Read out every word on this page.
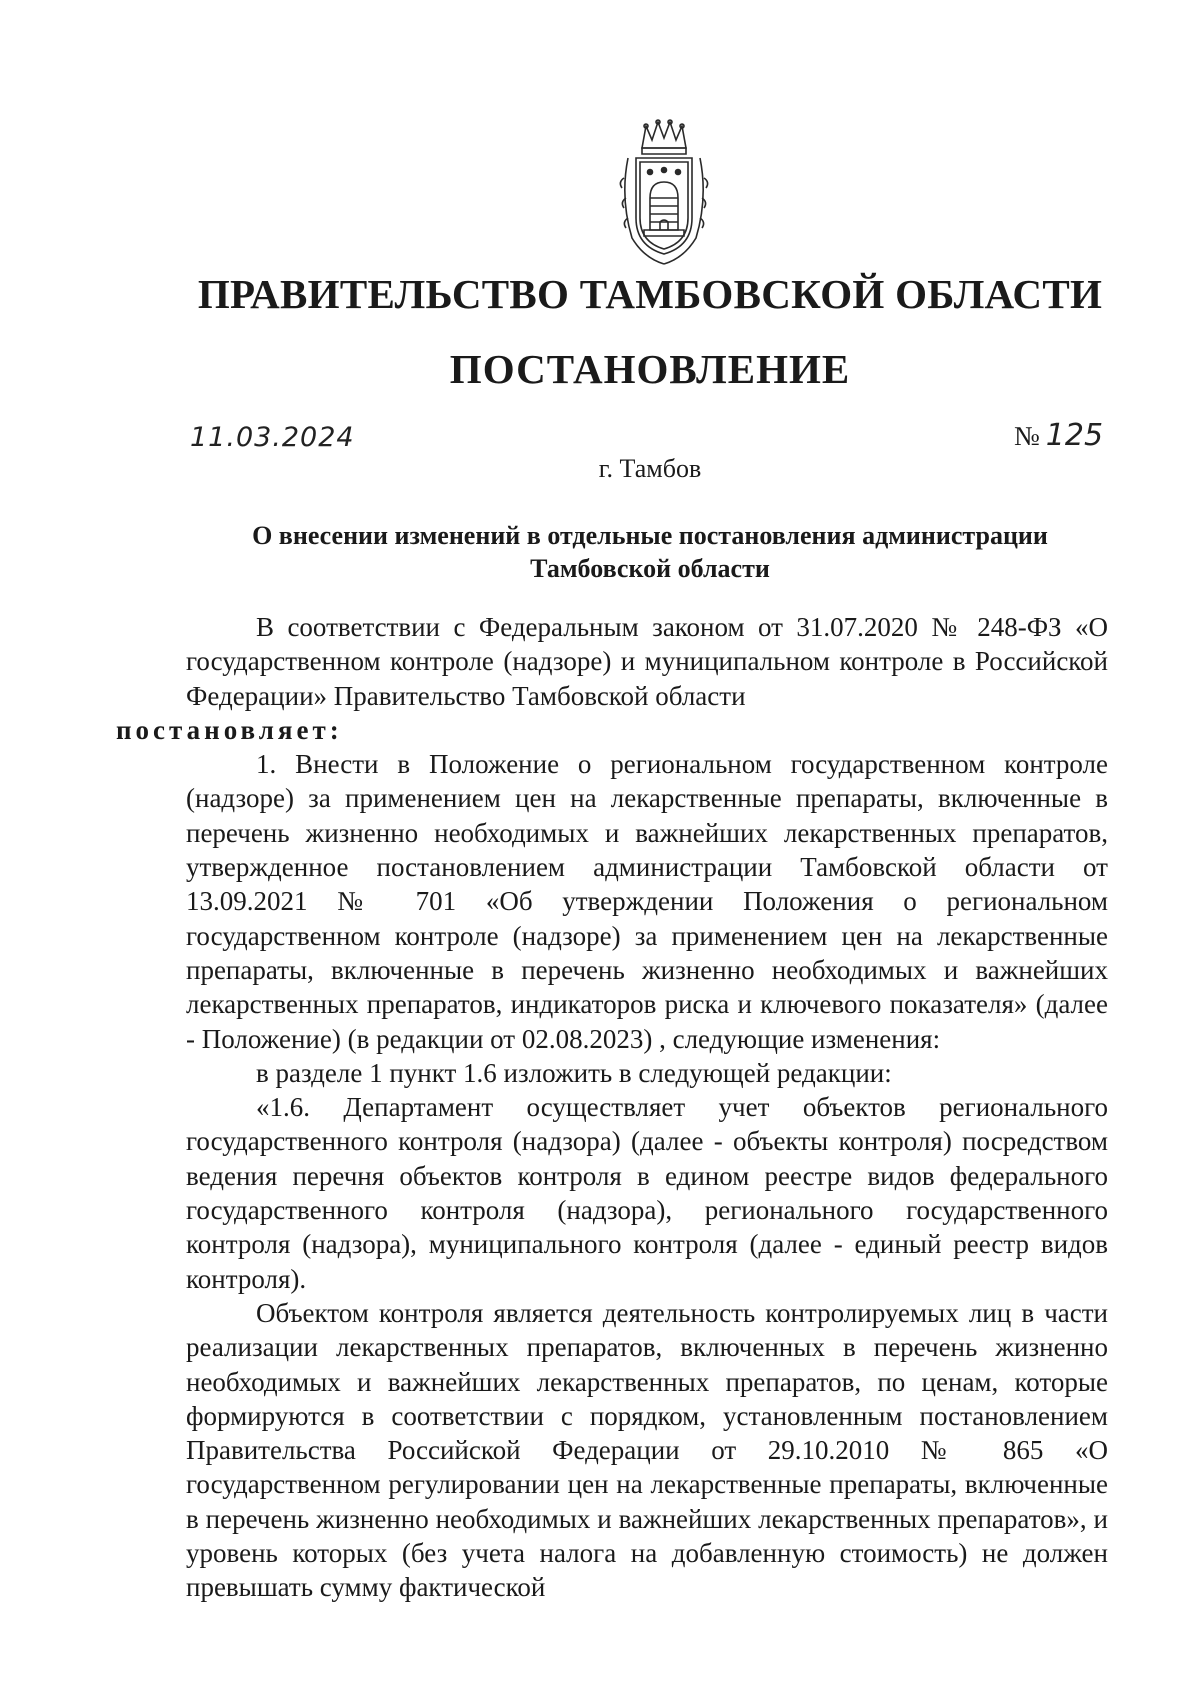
ПРАВИТЕЛЬСТВО ТАМБОВСКОЙ ОБЛАСТИ
ПОСТАНОВЛЕНИЕ
11.03.2024	№ 125
г. Тамбов
О внесении изменений в отдельные постановления администрации
Тамбовской области

В соответствии с Федеральным законом от 31.07.2020 № 248-ФЗ «О государственном контроле (надзоре) и муниципальном контроле в Российской Федерации» Правительство Тамбовской области
постановляет:

1. Внести в Положение о региональном государственном контроле (надзоре) за применением цен на лекарственные препараты, включенные в перечень жизненно необходимых и важнейших лекарственных препаратов, утвержденное постановлением администрации Тамбовской области от 13.09.2021 № 701 «Об утверждении Положения о региональном государственном контроле (надзоре) за применением цен на лекарственные препараты, включенные в перечень жизненно необходимых и важнейших лекарственных препаратов, индикаторов риска и ключевого показателя» (далее - Положение) (в редакции от 02.08.2023) , следующие изменения:

в разделе 1 пункт 1.6 изложить в следующей редакции:

«1.6. Департамент осуществляет учет объектов регионального государственного контроля (надзора) (далее - объекты контроля) посредством ведения перечня объектов контроля в едином реестре видов федерального государственного контроля (надзора), регионального государственного контроля (надзора), муниципального контроля (далее - единый реестр видов контроля).

Объектом контроля является деятельность контролируемых лиц в части реализации лекарственных препаратов, включенных в перечень жизненно необходимых и важнейших лекарственных препаратов, по ценам, которые формируются в соответствии с порядком, установленным постановлением Правительства Российской Федерации от 29.10.2010 № 865 «О государственном регулировании цен на лекарственные препараты, включенные в перечень жизненно необходимых и важнейших лекарственных препаратов», и уровень которых (без учета налога на добавленную стоимость) не должен превышать сумму фактической
